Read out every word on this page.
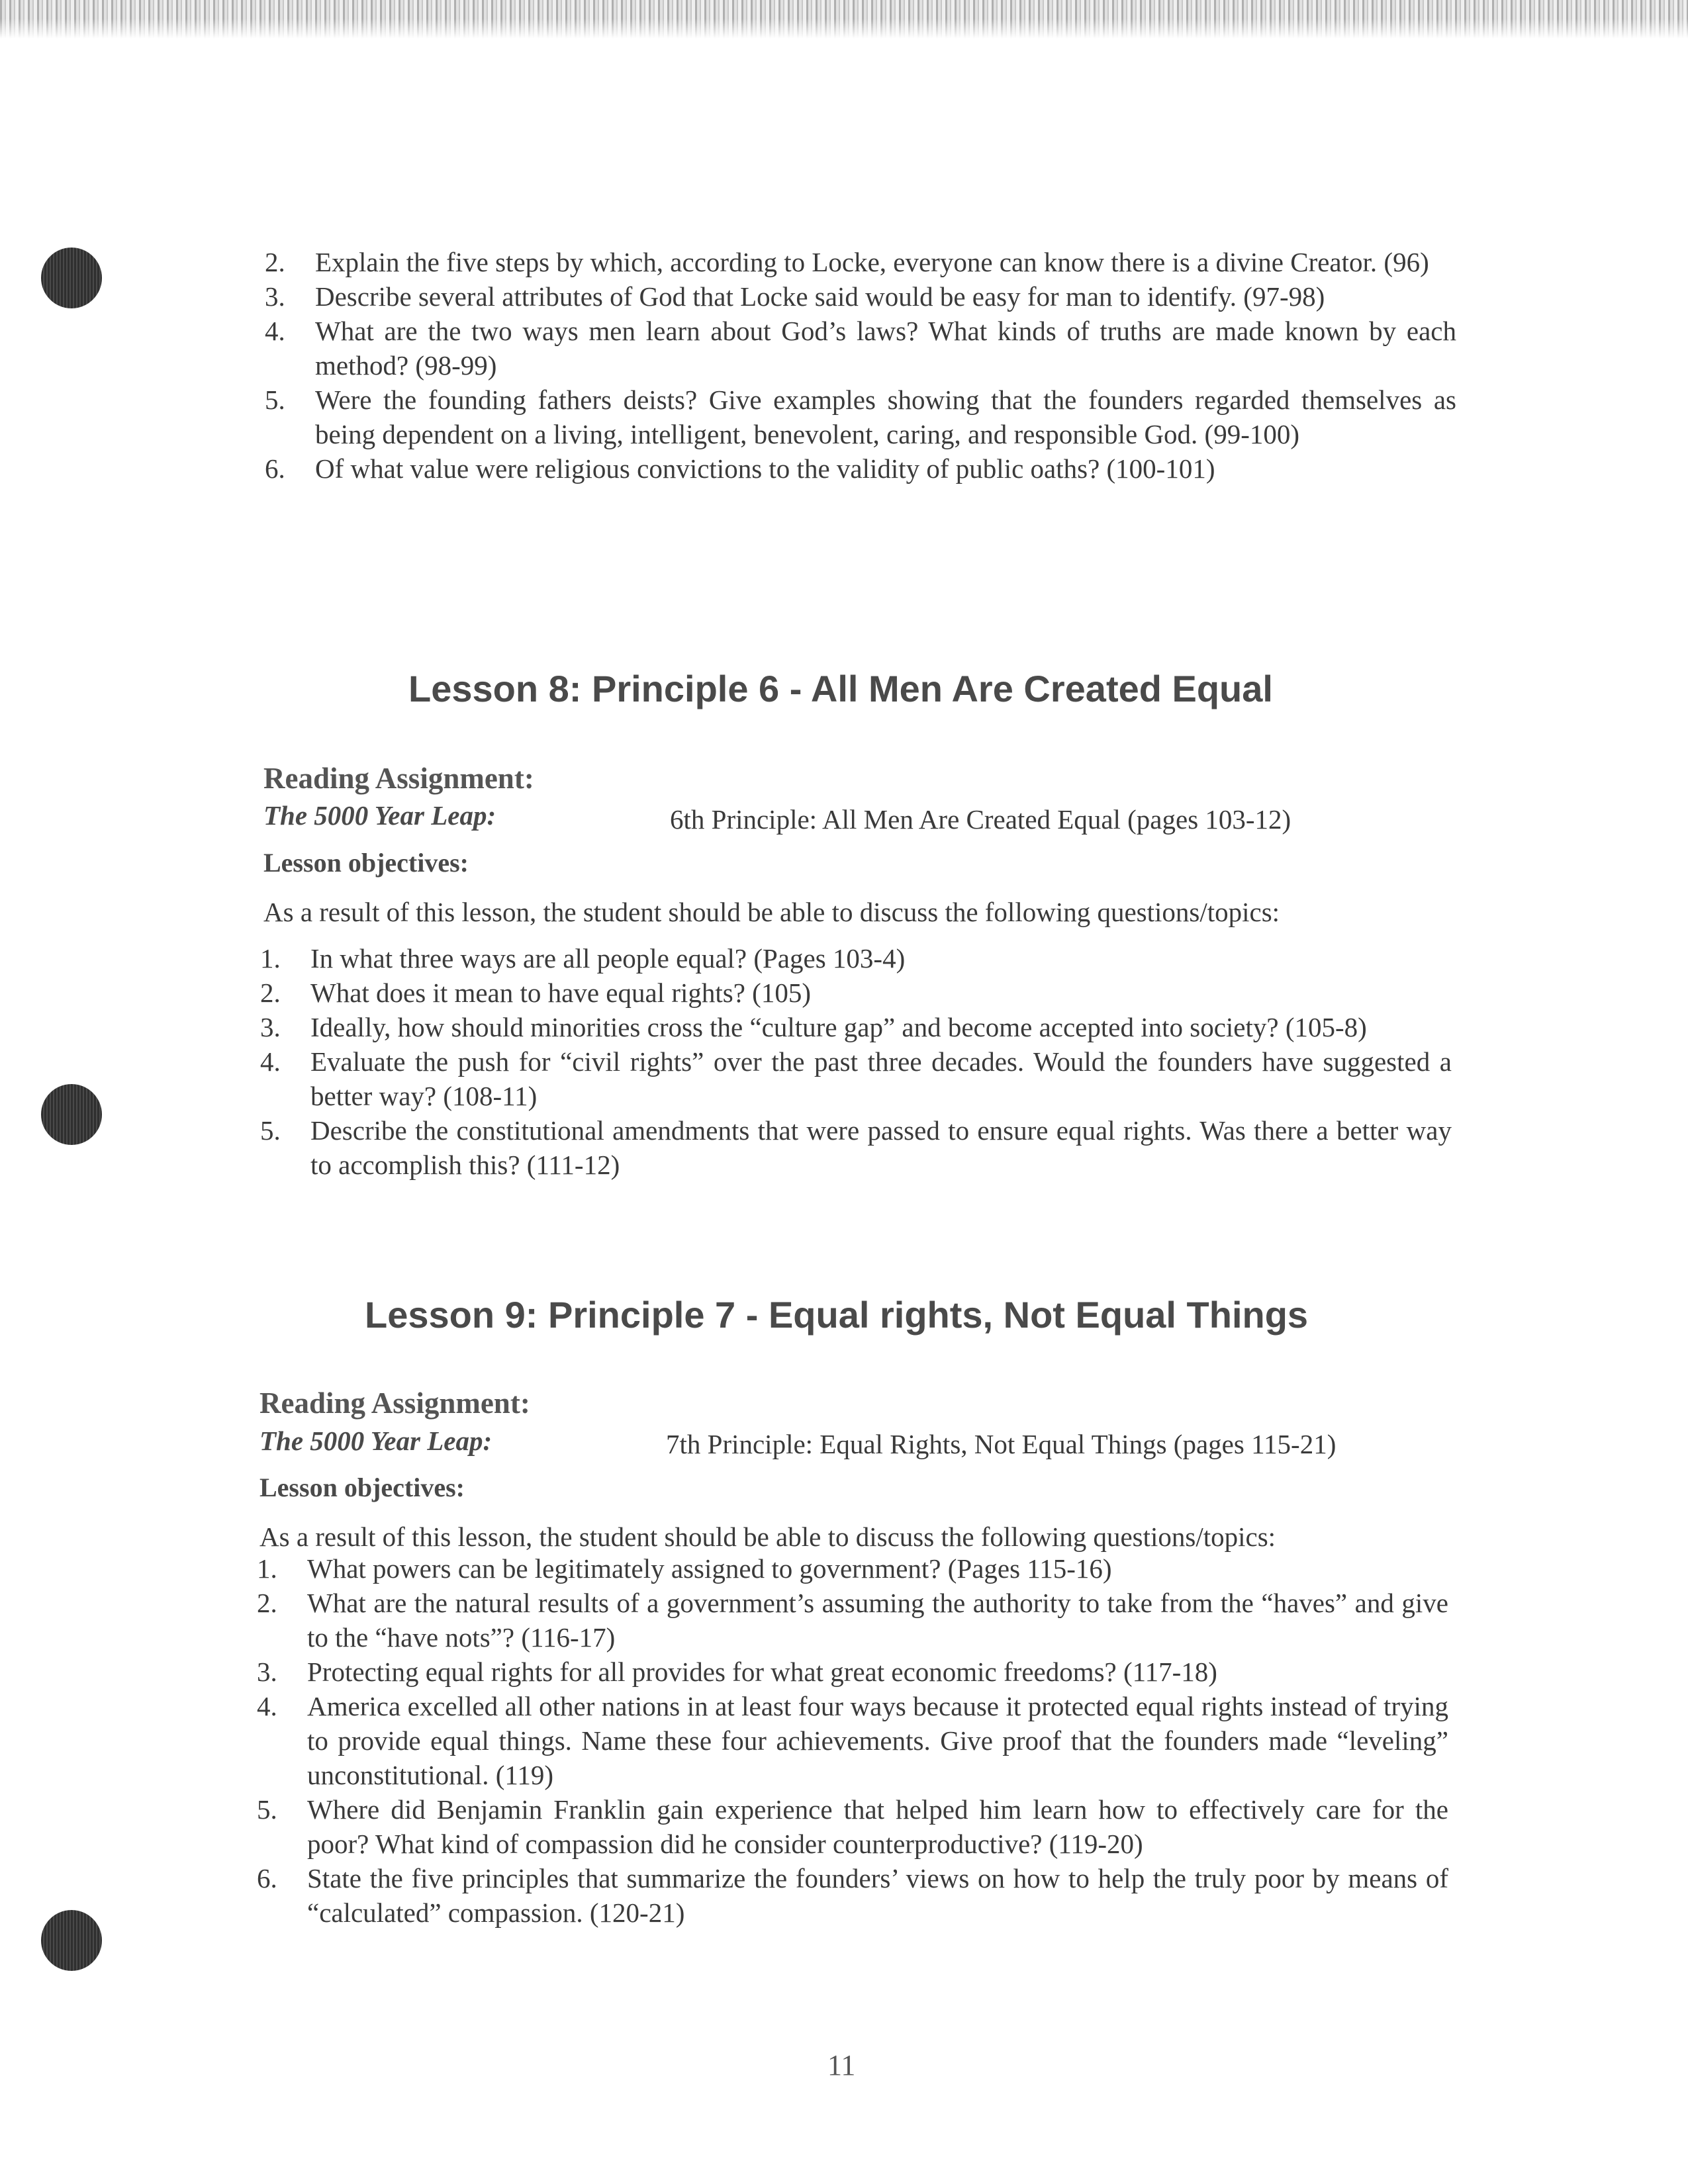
2.	Explain the five steps by which, according to Locke, everyone can know there is a divine Creator. (96)
3.	Describe several attributes of God that Locke said would be easy for man to identify. (97-98)
4.	What are the two ways men learn about God’s laws? What kinds of truths are made known by each method? (98-99)
5.	Were the founding fathers deists? Give examples showing that the founders regarded themselves as being dependent on a living, intelligent, benevolent, caring, and responsible God. (99-100)
6.	Of what value were religious convictions to the validity of public oaths? (100-101)
Lesson 8: Principle 6 - All Men Are Created Equal
Reading Assignment:
The 5000 Year Leap:	6th Principle: All Men Are Created Equal (pages 103-12)
Lesson objectives:
As a result of this lesson, the student should be able to discuss the following questions/topics:
1.	In what three ways are all people equal? (Pages 103-4)
2.	What does it mean to have equal rights? (105)
3.	Ideally, how should minorities cross the “culture gap” and become accepted into society? (105-8)
4.	Evaluate the push for “civil rights” over the past three decades. Would the founders have suggested a better way? (108-11)
5.	Describe the constitutional amendments that were passed to ensure equal rights. Was there a better way to accomplish this? (111-12)
Lesson 9: Principle 7 - Equal rights, Not Equal Things
Reading Assignment:
The 5000 Year Leap:	7th Principle: Equal Rights, Not Equal Things (pages 115-21)
Lesson objectives:
As a result of this lesson, the student should be able to discuss the following questions/topics:
1.	What powers can be legitimately assigned to government? (Pages 115-16)
2.	What are the natural results of a government’s assuming the authority to take from the “haves” and give to the “have nots”? (116-17)
3.	Protecting equal rights for all provides for what great economic freedoms? (117-18)
4.	America excelled all other nations in at least four ways because it protected equal rights instead of trying to provide equal things. Name these four achievements. Give proof that the founders made “leveling” unconstitutional. (119)
5.	Where did Benjamin Franklin gain experience that helped him learn how to effectively care for the poor? What kind of compassion did he consider counterproductive? (119-20)
6.	State the five principles that summarize the founders’ views on how to help the truly poor by means of “calculated” compassion. (120-21)
11
